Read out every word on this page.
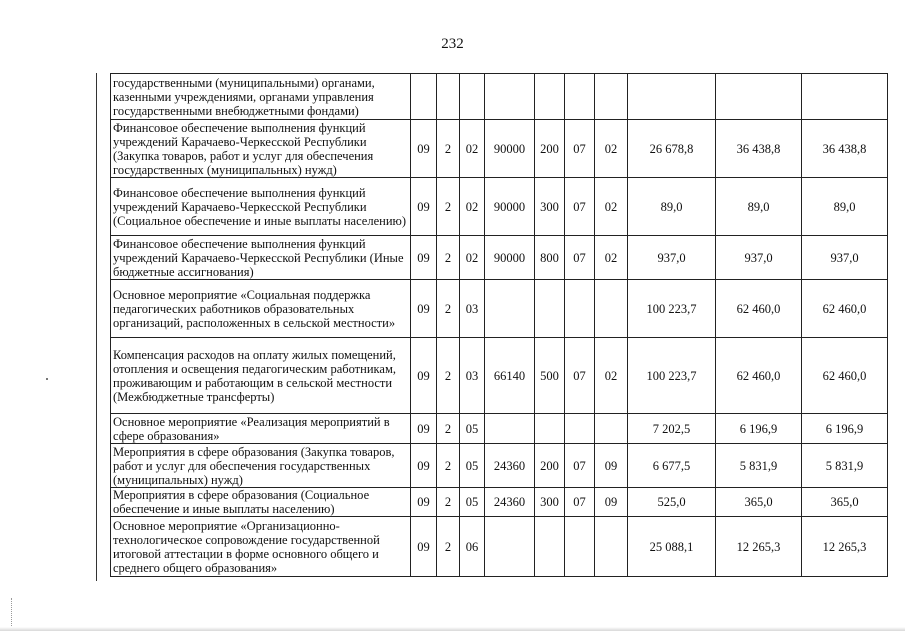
232
государственными (муниципальными) органами, казенными учреждениями, органами управления государственными внебюджетными фондами)										
Финансовое обеспечение выполнения функций учреждений Карачаево-Черкесской Республики (Закупка товаров, работ и услуг для обеспечения государственных (муниципальных) нужд)	09	2	02	90000	200	07	02	26 678,8	36 438,8	36 438,8
Финансовое обеспечение выполнения функций учреждений Карачаево-Черкесской Республики (Социальное обеспечение и иные выплаты населению)	09	2	02	90000	300	07	02	89,0	89,0	89,0
Финансовое обеспечение выполнения функций учреждений Карачаево-Черкесской Республики (Иные бюджетные ассигнования)	09	2	02	90000	800	07	02	937,0	937,0	937,0
Основное мероприятие «Социальная поддержка педагогических работников образовательных организаций, расположенных в сельской местности»	09	2	03					100 223,7	62 460,0	62 460,0
Компенсация расходов на оплату жилых помещений, отопления и освещения педагогическим работникам, проживающим и работающим в сельской местности (Межбюджетные трансферты)	09	2	03	66140	500	07	02	100 223,7	62 460,0	62 460,0
Основное мероприятие «Реализация мероприятий в сфере образования»	09	2	05					7 202,5	6 196,9	6 196,9
Мероприятия в сфере образования (Закупка товаров, работ и услуг для обеспечения государственных (муниципальных) нужд)	09	2	05	24360	200	07	09	6 677,5	5 831,9	5 831,9
Мероприятия в сфере образования (Социальное обеспечение и иные выплаты населению)	09	2	05	24360	300	07	09	525,0	365,0	365,0
Основное мероприятие «Организационно-технологическое сопровождение государственной итоговой аттестации в форме основного общего и среднего общего образования»	09	2	06					25 088,1	12 265,3	12 265,3
